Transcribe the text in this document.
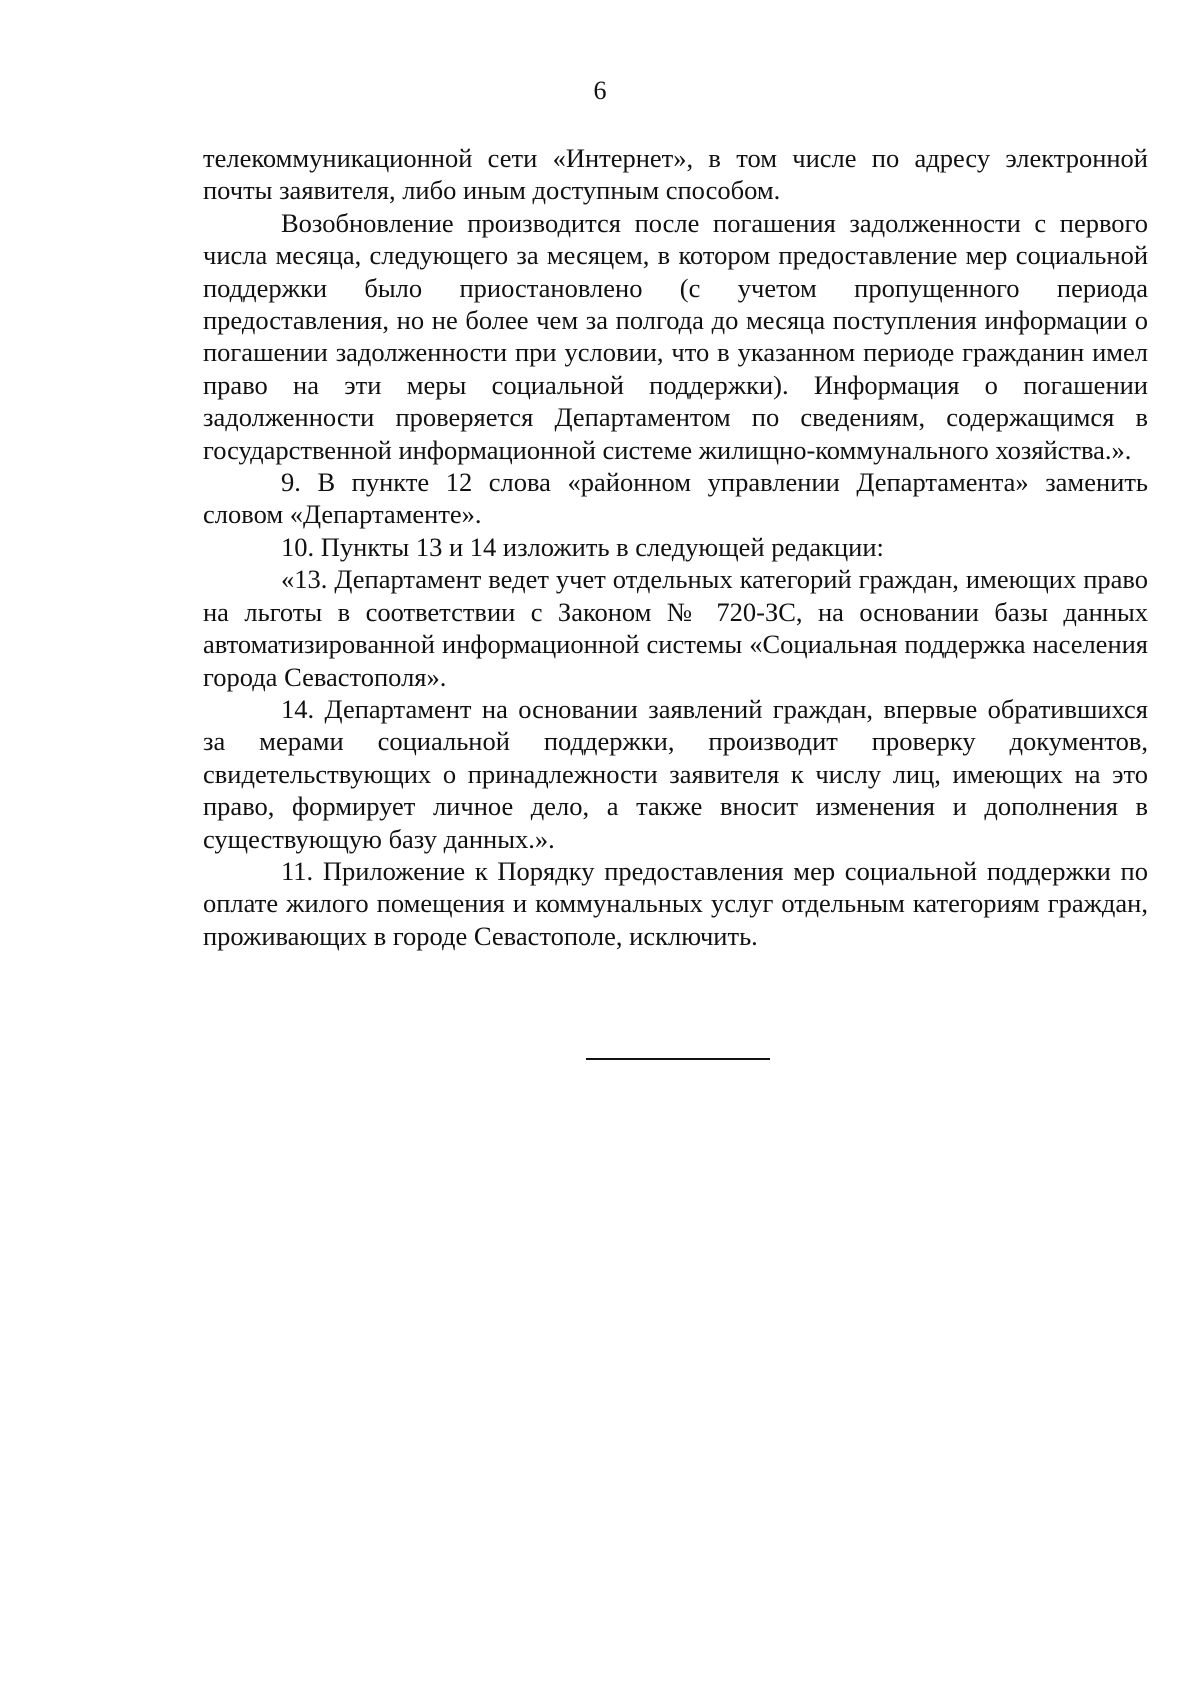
6

телекоммуникационной сети «Интернет», в том числе по адресу электронной почты заявителя, либо иным доступным способом.

Возобновление производится после погашения задолженности с первого числа месяца, следующего за месяцем, в котором предоставление мер социальной поддержки было приостановлено (с учетом пропущенного периода предоставления, но не более чем за полгода до месяца поступления информации о погашении задолженности при условии, что в указанном периоде гражданин имел право на эти меры социальной поддержки). Информация о погашении задолженности проверяется Департаментом по сведениям, содержащимся в государственной информационной системе жилищно-коммунального хозяйства.».

9. В пункте 12 слова «районном управлении Департамента» заменить словом «Департаменте».

10. Пункты 13 и 14 изложить в следующей редакции:

«13. Департамент ведет учет отдельных категорий граждан, имеющих право на льготы в соответствии с Законом № 720-ЗС, на основании базы данных автоматизированной информационной системы «Социальная поддержка населения города Севастополя».

14. Департамент на основании заявлений граждан, впервые обратившихся за мерами социальной поддержки, производит проверку документов, свидетельствующих о принадлежности заявителя к числу лиц, имеющих на это право, формирует личное дело, а также вносит изменения и дополнения в существующую базу данных.».

11. Приложение к Порядку предоставления мер социальной поддержки по оплате жилого помещения и коммунальных услуг отдельным категориям граждан, проживающих в городе Севастополе, исключить.
